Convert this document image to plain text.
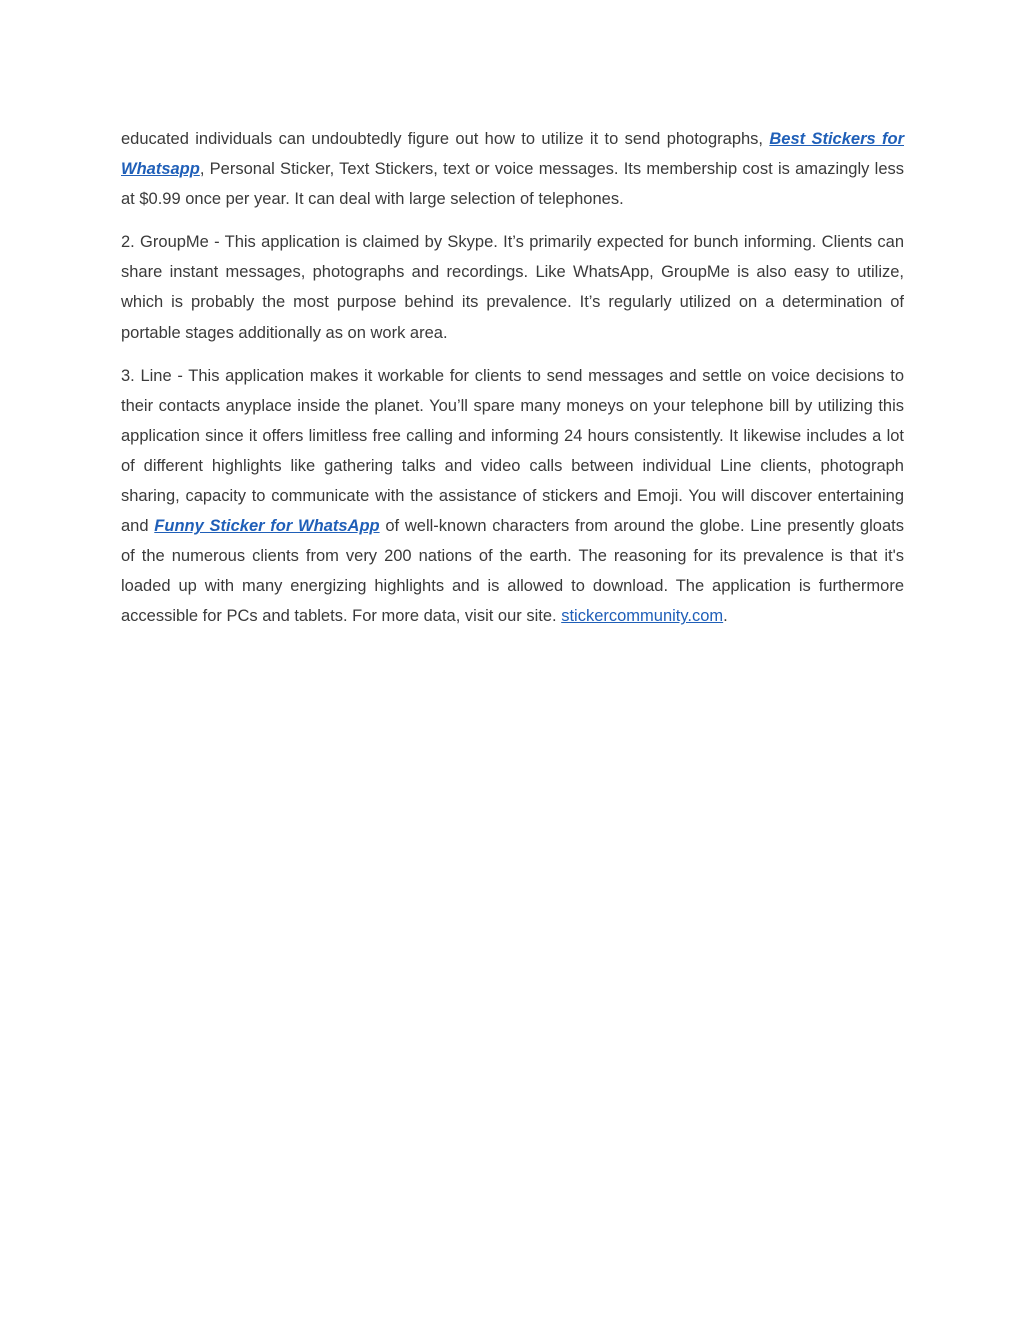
educated individuals can undoubtedly figure out how to utilize it to send photographs, Best Stickers for Whatsapp, Personal Sticker, Text Stickers, text or voice messages. Its membership cost is amazingly less at $0.99 once per year. It can deal with large selection of telephones.

2. GroupMe - This application is claimed by Skype. It’s primarily expected for bunch informing. Clients can share instant messages, photographs and recordings. Like WhatsApp, GroupMe is also easy to utilize, which is probably the most purpose behind its prevalence. It’s regularly utilized on a determination of portable stages additionally as on work area.

3. Line - This application makes it workable for clients to send messages and settle on voice decisions to their contacts anyplace inside the planet. You’ll spare many moneys on your telephone bill by utilizing this application since it offers limitless free calling and informing 24 hours consistently. It likewise includes a lot of different highlights like gathering talks and video calls between individual Line clients, photograph sharing, capacity to communicate with the assistance of stickers and Emoji. You will discover entertaining and Funny Sticker for WhatsApp of well-known characters from around the globe. Line presently gloats of the numerous clients from very 200 nations of the earth. The reasoning for its prevalence is that it's loaded up with many energizing highlights and is allowed to download. The application is furthermore accessible for PCs and tablets. For more data, visit our site. stickercommunity.com.
